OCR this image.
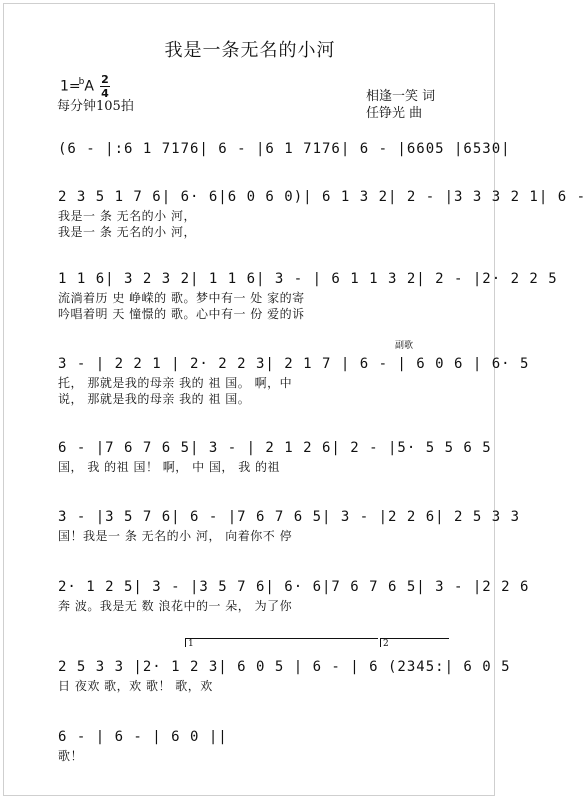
我是一条无名的小河
$1=^bA \frac{2}{4}$
每分钟105拍
相逢一笑 词
任铮光 曲
(6 - |:6 1 7176| 6 - |6 1 7176| 6 - |6605 |6530|
2 3 5 1 7 6| 6· 6|6 0 6 0)| 6 1 3 2| 2 - |3 3 3 2 1| 6 -
我是一 条 无名的小 河，
我是一 条 无名的小 河，
1 1 6| 3 2 3 2| 1 1 6| 3 - | 6 1 1 3 2| 2 - |2· 2 2 5
流淌着历 史 峥嵘的 歌。梦中有一 处 家的寄
吟唱着明 天 憧憬的 歌。心中有一 份 爱的诉
副歌
3 - | 2 2 1 | 2· 2 2 3| 2 1 7 | 6 - | 6 0 6 | 6· 5
托， 那就是我的母亲 我的 祖 国。 啊，中
说， 那就是我的母亲 我的 祖 国。
6 - |7 6 7 6 5| 3 - | 2 1 2 6| 2 - |5· 5 5 6 5
国， 我 的祖 国！ 啊， 中 国， 我 的祖
3 - |3 5 7 6| 6 - |7 6 7 6 5| 3 - |2 2 6| 2 5 3 3
国！我是一 条 无名的小 河， 向着你不 停
2· 1 2 5| 3 - |3 5 7 6| 6· 6|7 6 7 6 5| 3 - |2 2 6
奔 波。我是无 数 浪花中的一 朵， 为了你
1	2
2 5 3 3 |2· 1 2 3| 6 0 5 | 6 - | 6 (2345:| 6 0 5
日 夜欢 歌，欢 歌！ 歌，欢
6 - | 6 - | 6 0 ||
歌！
